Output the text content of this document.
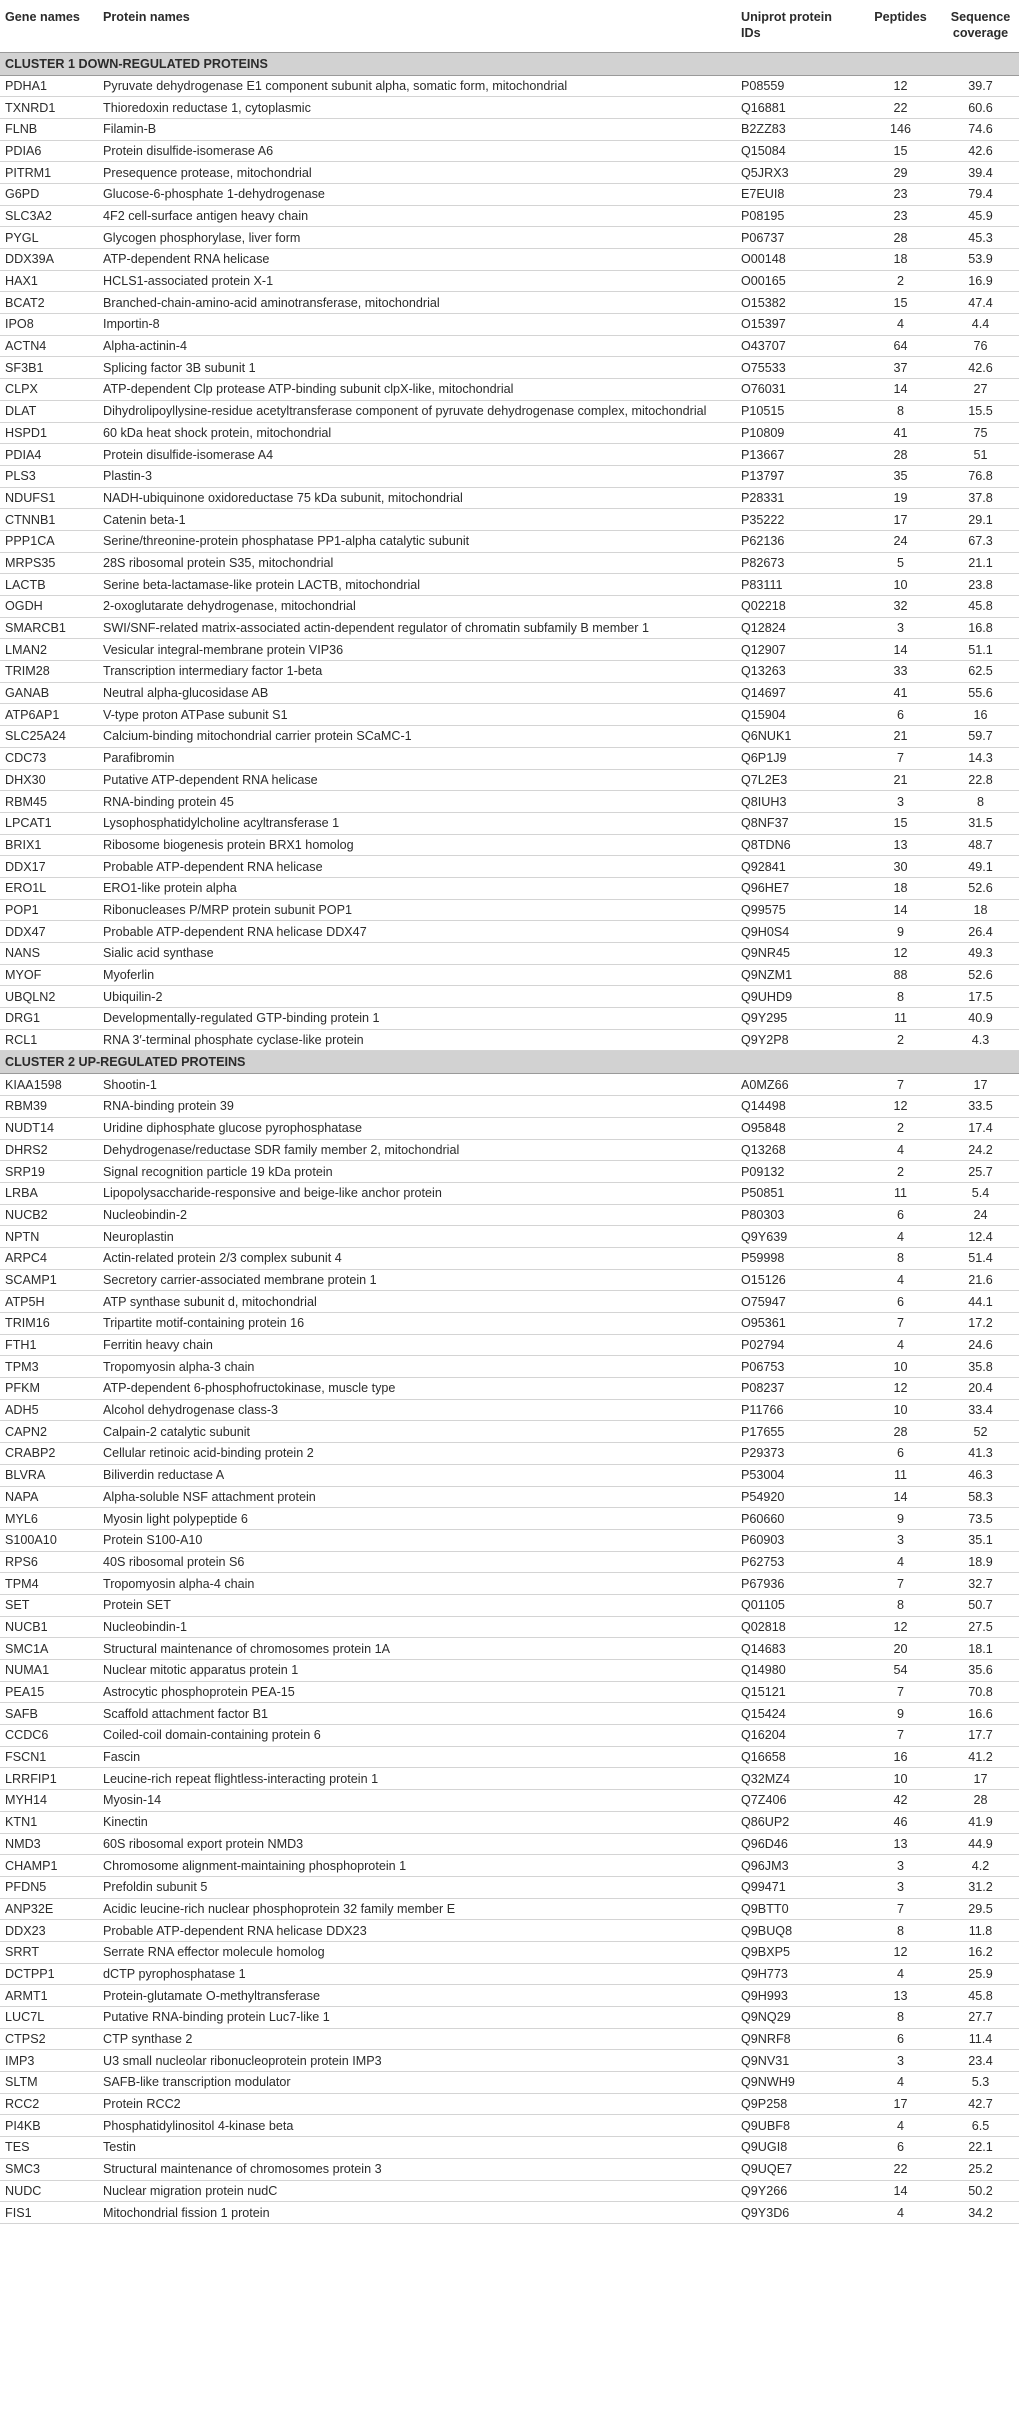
Gene names	Protein names	Uniprot protein IDs	Peptides	Sequence coverage
CLUSTER 1 DOWN-REGULATED PROTEINS				
PDHA1	Pyruvate dehydrogenase E1 component subunit alpha, somatic form, mitochondrial	P08559	12	39.7
TXNRD1	Thioredoxin reductase 1, cytoplasmic	Q16881	22	60.6
FLNB	Filamin-B	B2ZZ83	146	74.6
PDIA6	Protein disulfide-isomerase A6	Q15084	15	42.6
PITRM1	Presequence protease, mitochondrial	Q5JRX3	29	39.4
G6PD	Glucose-6-phosphate 1-dehydrogenase	E7EUI8	23	79.4
SLC3A2	4F2 cell-surface antigen heavy chain	P08195	23	45.9
PYGL	Glycogen phosphorylase, liver form	P06737	28	45.3
DDX39A	ATP-dependent RNA helicase	O00148	18	53.9
HAX1	HCLS1-associated protein X-1	O00165	2	16.9
BCAT2	Branched-chain-amino-acid aminotransferase, mitochondrial	O15382	15	47.4
IPO8	Importin-8	O15397	4	4.4
ACTN4	Alpha-actinin-4	O43707	64	76
SF3B1	Splicing factor 3B subunit 1	O75533	37	42.6
CLPX	ATP-dependent Clp protease ATP-binding subunit clpX-like, mitochondrial	O76031	14	27
DLAT	Dihydrolipoyllysine-residue acetyltransferase component of pyruvate dehydrogenase complex, mitochondrial	P10515	8	15.5
HSPD1	60 kDa heat shock protein, mitochondrial	P10809	41	75
PDIA4	Protein disulfide-isomerase A4	P13667	28	51
PLS3	Plastin-3	P13797	35	76.8
NDUFS1	NADH-ubiquinone oxidoreductase 75 kDa subunit, mitochondrial	P28331	19	37.8
CTNNB1	Catenin beta-1	P35222	17	29.1
PPP1CA	Serine/threonine-protein phosphatase PP1-alpha catalytic subunit	P62136	24	67.3
MRPS35	28S ribosomal protein S35, mitochondrial	P82673	5	21.1
LACTB	Serine beta-lactamase-like protein LACTB, mitochondrial	P83111	10	23.8
OGDH	2-oxoglutarate dehydrogenase, mitochondrial	Q02218	32	45.8
SMARCB1	SWI/SNF-related matrix-associated actin-dependent regulator of chromatin subfamily B member 1	Q12824	3	16.8
LMAN2	Vesicular integral-membrane protein VIP36	Q12907	14	51.1
TRIM28	Transcription intermediary factor 1-beta	Q13263	33	62.5
GANAB	Neutral alpha-glucosidase AB	Q14697	41	55.6
ATP6AP1	V-type proton ATPase subunit S1	Q15904	6	16
SLC25A24	Calcium-binding mitochondrial carrier protein SCaMC-1	Q6NUK1	21	59.7
CDC73	Parafibromin	Q6P1J9	7	14.3
DHX30	Putative ATP-dependent RNA helicase	Q7L2E3	21	22.8
RBM45	RNA-binding protein 45	Q8IUH3	3	8
LPCAT1	Lysophosphatidylcholine acyltransferase 1	Q8NF37	15	31.5
BRIX1	Ribosome biogenesis protein BRX1 homolog	Q8TDN6	13	48.7
DDX17	Probable ATP-dependent RNA helicase	Q92841	30	49.1
ERO1L	ERO1-like protein alpha	Q96HE7	18	52.6
POP1	Ribonucleases P/MRP protein subunit POP1	Q99575	14	18
DDX47	Probable ATP-dependent RNA helicase DDX47	Q9H0S4	9	26.4
NANS	Sialic acid synthase	Q9NR45	12	49.3
MYOF	Myoferlin	Q9NZM1	88	52.6
UBQLN2	Ubiquilin-2	Q9UHD9	8	17.5
DRG1	Developmentally-regulated GTP-binding protein 1	Q9Y295	11	40.9
RCL1	RNA 3′-terminal phosphate cyclase-like protein	Q9Y2P8	2	4.3
CLUSTER 2 UP-REGULATED PROTEINS				
KIAA1598	Shootin-1	A0MZ66	7	17
RBM39	RNA-binding protein 39	Q14498	12	33.5
NUDT14	Uridine diphosphate glucose pyrophosphatase	O95848	2	17.4
DHRS2	Dehydrogenase/reductase SDR family member 2, mitochondrial	Q13268	4	24.2
SRP19	Signal recognition particle 19 kDa protein	P09132	2	25.7
LRBA	Lipopolysaccharide-responsive and beige-like anchor protein	P50851	11	5.4
NUCB2	Nucleobindin-2	P80303	6	24
NPTN	Neuroplastin	Q9Y639	4	12.4
ARPC4	Actin-related protein 2/3 complex subunit 4	P59998	8	51.4
SCAMP1	Secretory carrier-associated membrane protein 1	O15126	4	21.6
ATP5H	ATP synthase subunit d, mitochondrial	O75947	6	44.1
TRIM16	Tripartite motif-containing protein 16	O95361	7	17.2
FTH1	Ferritin heavy chain	P02794	4	24.6
TPM3	Tropomyosin alpha-3 chain	P06753	10	35.8
PFKM	ATP-dependent 6-phosphofructokinase, muscle type	P08237	12	20.4
ADH5	Alcohol dehydrogenase class-3	P11766	10	33.4
CAPN2	Calpain-2 catalytic subunit	P17655	28	52
CRABP2	Cellular retinoic acid-binding protein 2	P29373	6	41.3
BLVRA	Biliverdin reductase A	P53004	11	46.3
NAPA	Alpha-soluble NSF attachment protein	P54920	14	58.3
MYL6	Myosin light polypeptide 6	P60660	9	73.5
S100A10	Protein S100-A10	P60903	3	35.1
RPS6	40S ribosomal protein S6	P62753	4	18.9
TPM4	Tropomyosin alpha-4 chain	P67936	7	32.7
SET	Protein SET	Q01105	8	50.7
NUCB1	Nucleobindin-1	Q02818	12	27.5
SMC1A	Structural maintenance of chromosomes protein 1A	Q14683	20	18.1
NUMA1	Nuclear mitotic apparatus protein 1	Q14980	54	35.6
PEA15	Astrocytic phosphoprotein PEA-15	Q15121	7	70.8
SAFB	Scaffold attachment factor B1	Q15424	9	16.6
CCDC6	Coiled-coil domain-containing protein 6	Q16204	7	17.7
FSCN1	Fascin	Q16658	16	41.2
LRRFIP1	Leucine-rich repeat flightless-interacting protein 1	Q32MZ4	10	17
MYH14	Myosin-14	Q7Z406	42	28
KTN1	Kinectin	Q86UP2	46	41.9
NMD3	60S ribosomal export protein NMD3	Q96D46	13	44.9
CHAMP1	Chromosome alignment-maintaining phosphoprotein 1	Q96JM3	3	4.2
PFDN5	Prefoldin subunit 5	Q99471	3	31.2
ANP32E	Acidic leucine-rich nuclear phosphoprotein 32 family member E	Q9BTT0	7	29.5
DDX23	Probable ATP-dependent RNA helicase DDX23	Q9BUQ8	8	11.8
SRRT	Serrate RNA effector molecule homolog	Q9BXP5	12	16.2
DCTPP1	dCTP pyrophosphatase 1	Q9H773	4	25.9
ARMT1	Protein-glutamate O-methyltransferase	Q9H993	13	45.8
LUC7L	Putative RNA-binding protein Luc7-like 1	Q9NQ29	8	27.7
CTPS2	CTP synthase 2	Q9NRF8	6	11.4
IMP3	U3 small nucleolar ribonucleoprotein protein IMP3	Q9NV31	3	23.4
SLTM	SAFB-like transcription modulator	Q9NWH9	4	5.3
RCC2	Protein RCC2	Q9P258	17	42.7
PI4KB	Phosphatidylinositol 4-kinase beta	Q9UBF8	4	6.5
TES	Testin	Q9UGI8	6	22.1
SMC3	Structural maintenance of chromosomes protein 3	Q9UQE7	22	25.2
NUDC	Nuclear migration protein nudC	Q9Y266	14	50.2
FIS1	Mitochondrial fission 1 protein	Q9Y3D6	4	34.2
